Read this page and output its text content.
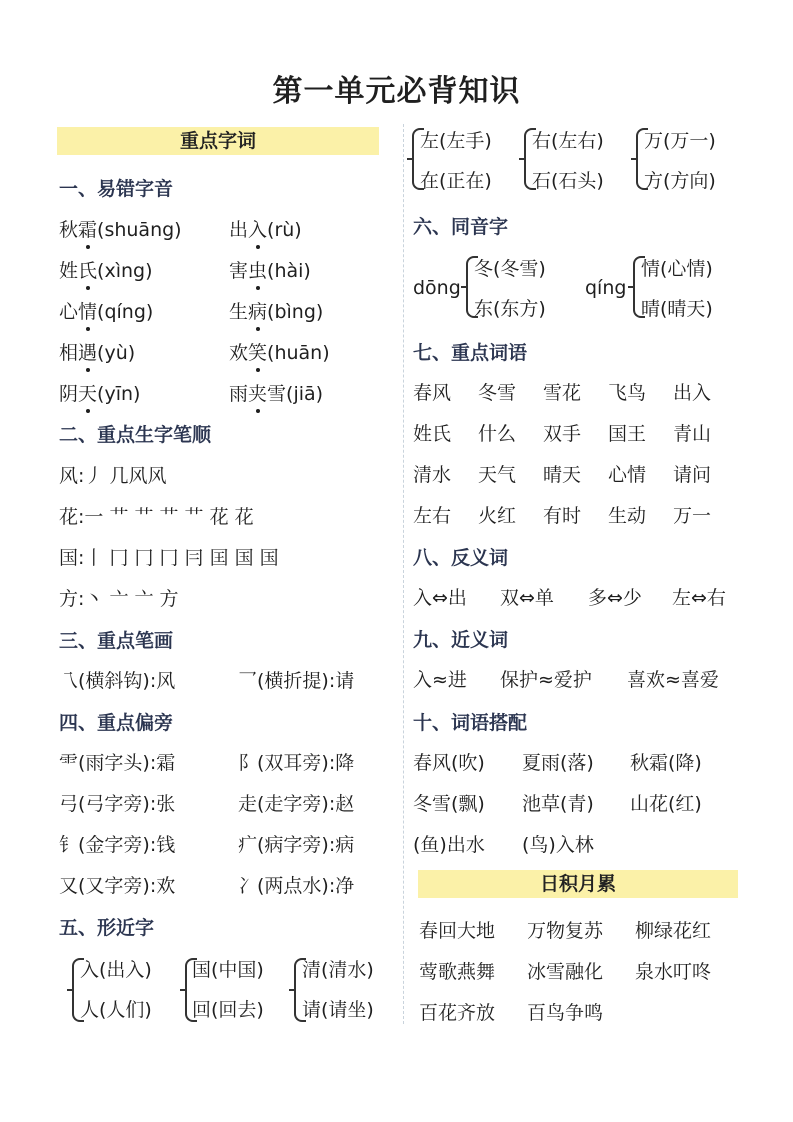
第一单元必背知识
重点字词
一、易错字音
秋霜(shuāng) 出入(rù)
姓氏(xìng)	害虫(hài)
心情(qíng)	生病(bìng)
相遇(yù)	欢笑(huān)
阴天(yīn)	雨夹雪(jiā)
二、重点生字笔顺
风:丿 几风风
花:一 艹 艹 艹 艹 花 花
国:丨 冂 冂 冂 冃 囯 国 国
方:丶 亠 亠 方
三、重点笔画
乁(横斜钩):风	乛(横折提):请
四、重点偏旁
⻗(雨字头):霜	阝(双耳旁):降
弓(弓字旁):张	走(走字旁):赵
钅(金字旁):钱	疒(病字旁):病
又(又字旁):欢	冫(两点水):净
五、形近字
入(出入)
人(人们)
国(中国)
回(回去)
清(清水)
请(请坐)
左(左手)
在(正在)
右(左右)
石(石头)
万(万一)
方(方向)
六、同音字
dōng
冬(冬雪)
东(东方)
qíng
情(心情)
晴(晴天)
七、重点词语
春风 冬雪 雪花 飞鸟 出入
姓氏 什么 双手 国王 青山
清水 天气 晴天 心情 请问
左右 火红 有时 生动 万一
八、反义词
入⇔出 双⇔单 多⇔少 左⇔右
九、近义词
入≈进 保护≈爱护 喜欢≈喜爱
十、词语搭配
春风(吹) 夏雨(落) 秋霜(降)
冬雪(飘) 池草(青) 山花(红)
(鱼)出水 (鸟)入林
日积月累
春回大地 万物复苏 柳绿花红
莺歌燕舞 冰雪融化 泉水叮咚
百花齐放 百鸟争鸣
